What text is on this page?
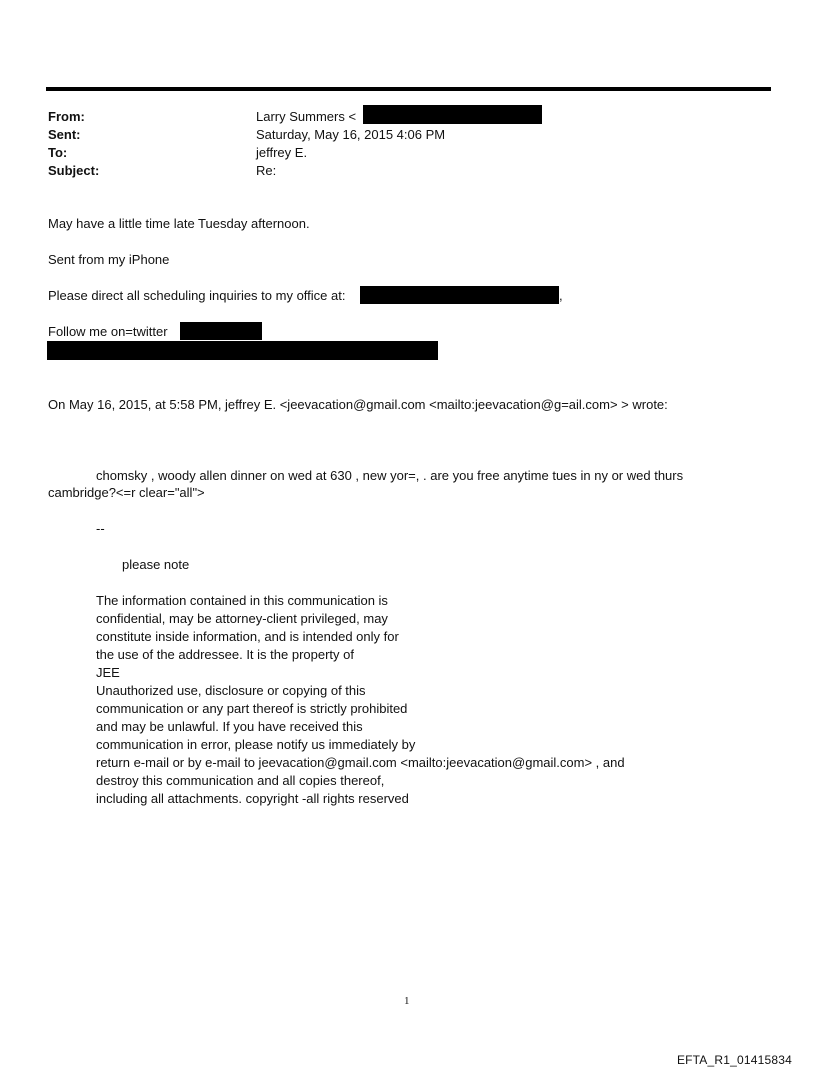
From:	Larry Summers <
Sent:	Saturday, May 16, 2015 4:06 PM
To:	jeffrey E.
Subject:	Re:
May have a little time late Tuesday afternoon.
Sent from my iPhone
Please direct all scheduling inquiries to my office at:	,
Follow me on=twitter
On May 16, 2015, at 5:58 PM, jeffrey E. <jeevacation@gmail.com <mailto:jeevacation@g=ail.com> > wrote:
chomsky , woody allen dinner on wed at 630 , new yor=, . are you free anytime tues in ny or wed thurs
cambridge?<=r clear="all">
--
please note
The information contained in this communication is
confidential, may be attorney-client privileged, may
constitute inside information, and is intended only for
the use of the addressee. It is the property of
JEE
Unauthorized use, disclosure or copying of this
communication or any part thereof is strictly prohibited
and may be unlawful. If you have received this
communication in error, please notify us immediately by
return e-mail or by e-mail to jeevacation@gmail.com <mailto:jeevacation@gmail.com> , and
destroy this communication and all copies thereof,
including all attachments. copyright -all rights reserved
1
EFTA_R1_01415834
